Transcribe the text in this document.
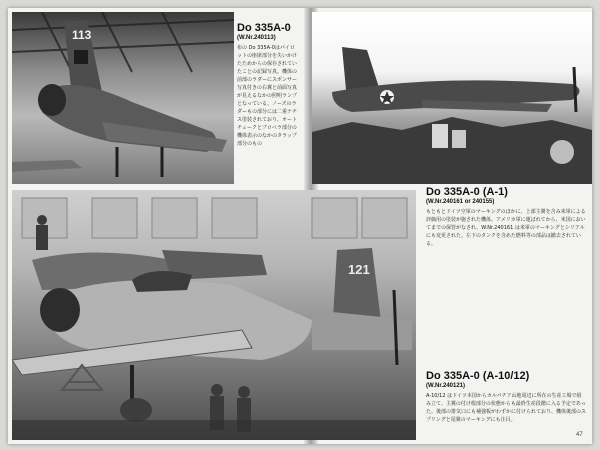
113	Do 335A-0

(W.Nr.240113)

布の Do 335A-0はパイロットの座席部分を失いかけたためからの保存されていたことの記録写真。機体の前部のラダーにスポンサー写真付きの右翼と前面写真が見えるなかの照明ランプとなっている。ノーズのラダーもの部分には二重ナチス塗装されており、オートチュークとプロペラ部分の機体表示のなかのタラップ部分のもの

121

Do 335A-0 (A-1)

(W.Nr.240161 or 240155)

もともとドイツ空軍のマーキングのほかに、上部主翼を含み米軍による評価用の塗装が施された機体。アメリカ軍に運ばれてから、米国においてまでの保管がなされ、W.Nr.240161 は米軍のマーキングとシリアルにも変更された。左下のタンクを含めた燃料等の部品は撤去されている。

Do 335A-0 (A-10/12)

(W.Nr.240121)

A-10/12 はドイツ本国からカルパチア山地周辺に所在の生産工場で組み立て、主翼の付け根部分の状態からも最終生産段階に入る予定であった。後部の排気口にも補強板がわずかに付けられており、機体後部のスプリングと尾翼のマーキングにも注目。

47
